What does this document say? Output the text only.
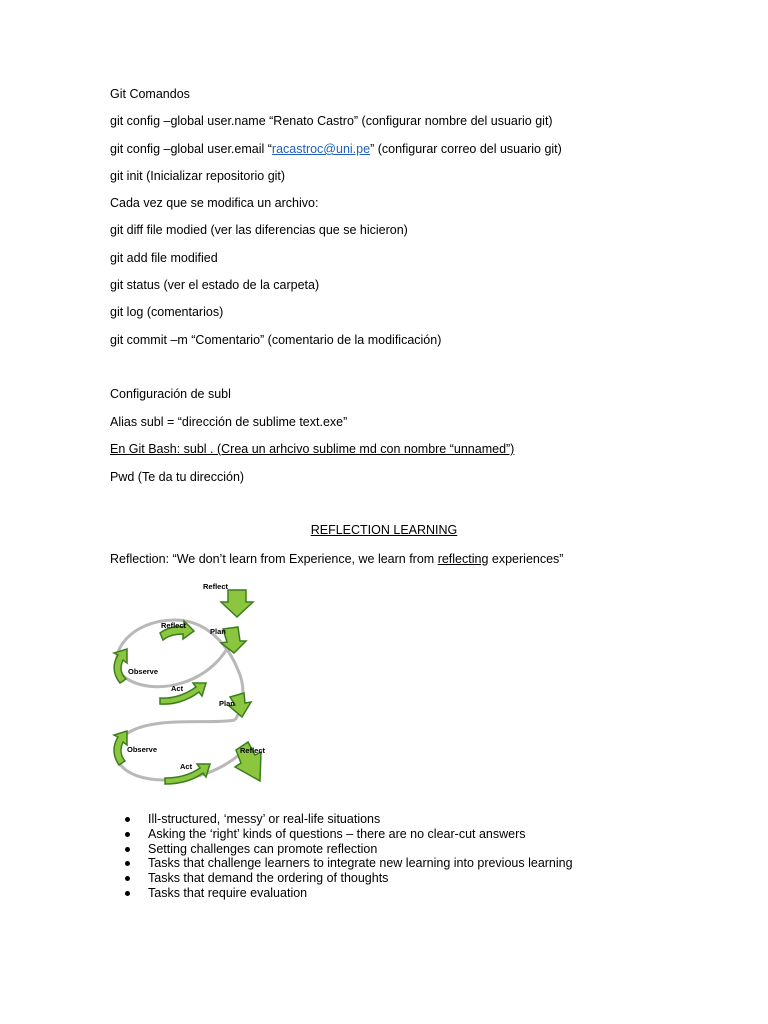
Git Comandos
git config –global user.name “Renato Castro” (configurar nombre del usuario git)
git config –global user.email “racastroc@uni.pe” (configurar correo del usuario git)
git init (Inicializar repositorio git)
Cada vez que se modifica un archivo:
git diff file modied (ver las diferencias que se hicieron)
git add file modified
git status (ver el estado de la carpeta)
git log (comentarios)
git commit –m “Comentario” (comentario de la modificación)
Configuración de subl
Alias subl = “dirección de sublime text.exe”
En Git Bash: subl . (Crea un arhcivo sublime md con nombre “unnamed”)
Pwd (Te da tu dirección)
REFLECTION LEARNING
Reflection: “We don’t learn from Experience, we learn from reflecting experiences”
Reflect
Reflect
Plan
Observe
Act
Plan
Observe	Reflect
Act
Ill-structured, ‘messy’ or real-life situations
Asking the ‘right’ kinds of questions – there are no clear-cut answers
Setting challenges can promote reflection
Tasks that challenge learners to integrate new learning into previous learning
Tasks that demand the ordering of thoughts
Tasks that require evaluation
